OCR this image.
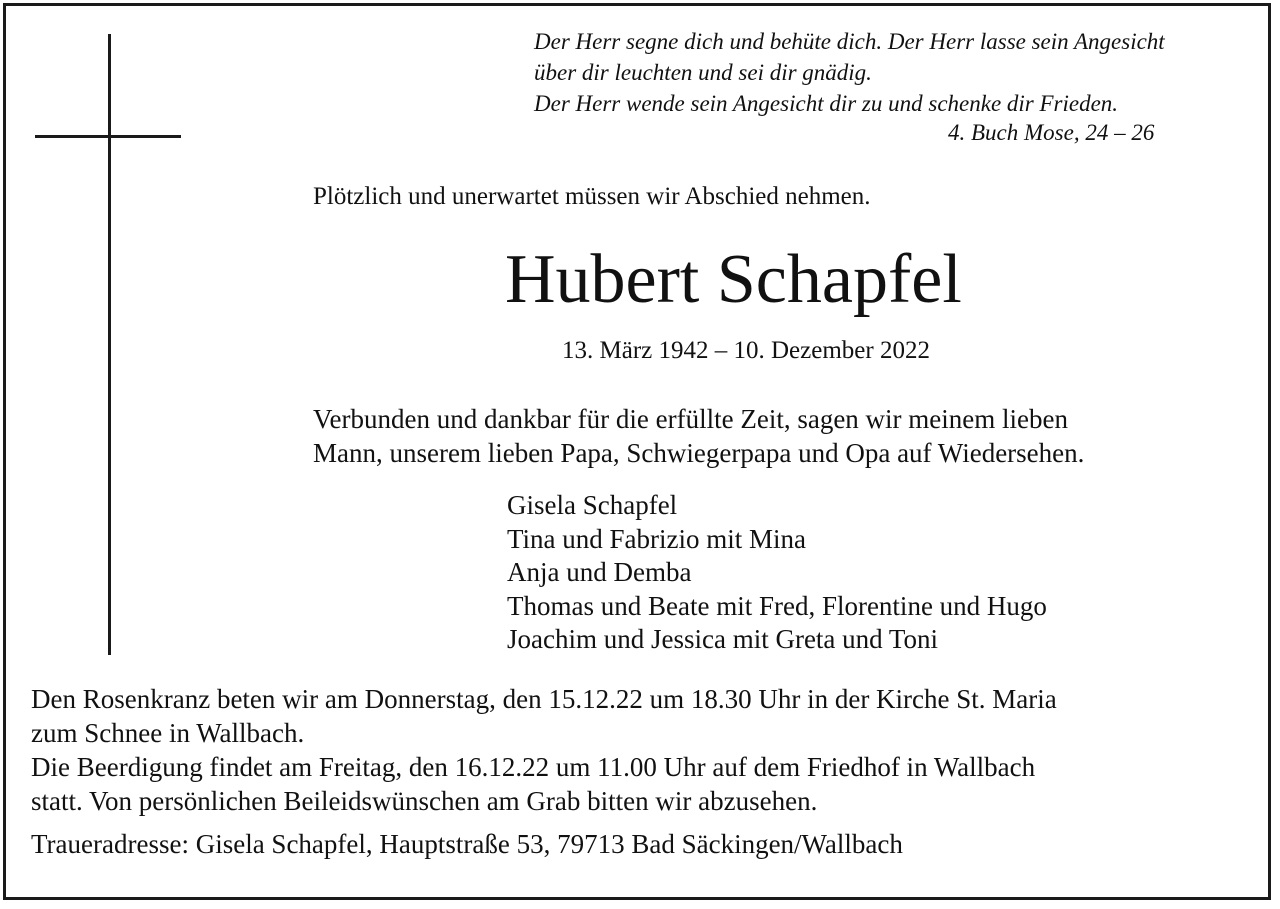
Der Herr segne dich und behüte dich. Der Herr lasse sein Angesicht
über dir leuchten und sei dir gnädig.
Der Herr wende sein Angesicht dir zu und schenke dir Frieden.
4. Buch Mose, 24 – 26
Plötzlich und unerwartet müssen wir Abschied nehmen.
Hubert Schapfel
13. März 1942 – 10. Dezember 2022
Verbunden und dankbar für die erfüllte Zeit, sagen wir meinem lieben
Mann, unserem lieben Papa, Schwiegerpapa und Opa auf Wiedersehen.
Gisela Schapfel
Tina und Fabrizio mit Mina
Anja und Demba
Thomas und Beate mit Fred, Florentine und Hugo
Joachim und Jessica mit Greta und Toni
Den Rosenkranz beten wir am Donnerstag, den 15.12.22 um 18.30 Uhr in der Kirche St. Maria
zum Schnee in Wallbach.
Die Beerdigung findet am Freitag, den 16.12.22 um 11.00 Uhr auf dem Friedhof in Wallbach
statt. Von persönlichen Beileidswünschen am Grab bitten wir abzusehen.
Traueradresse: Gisela Schapfel, Hauptstraße 53, 79713 Bad Säckingen/Wallbach
